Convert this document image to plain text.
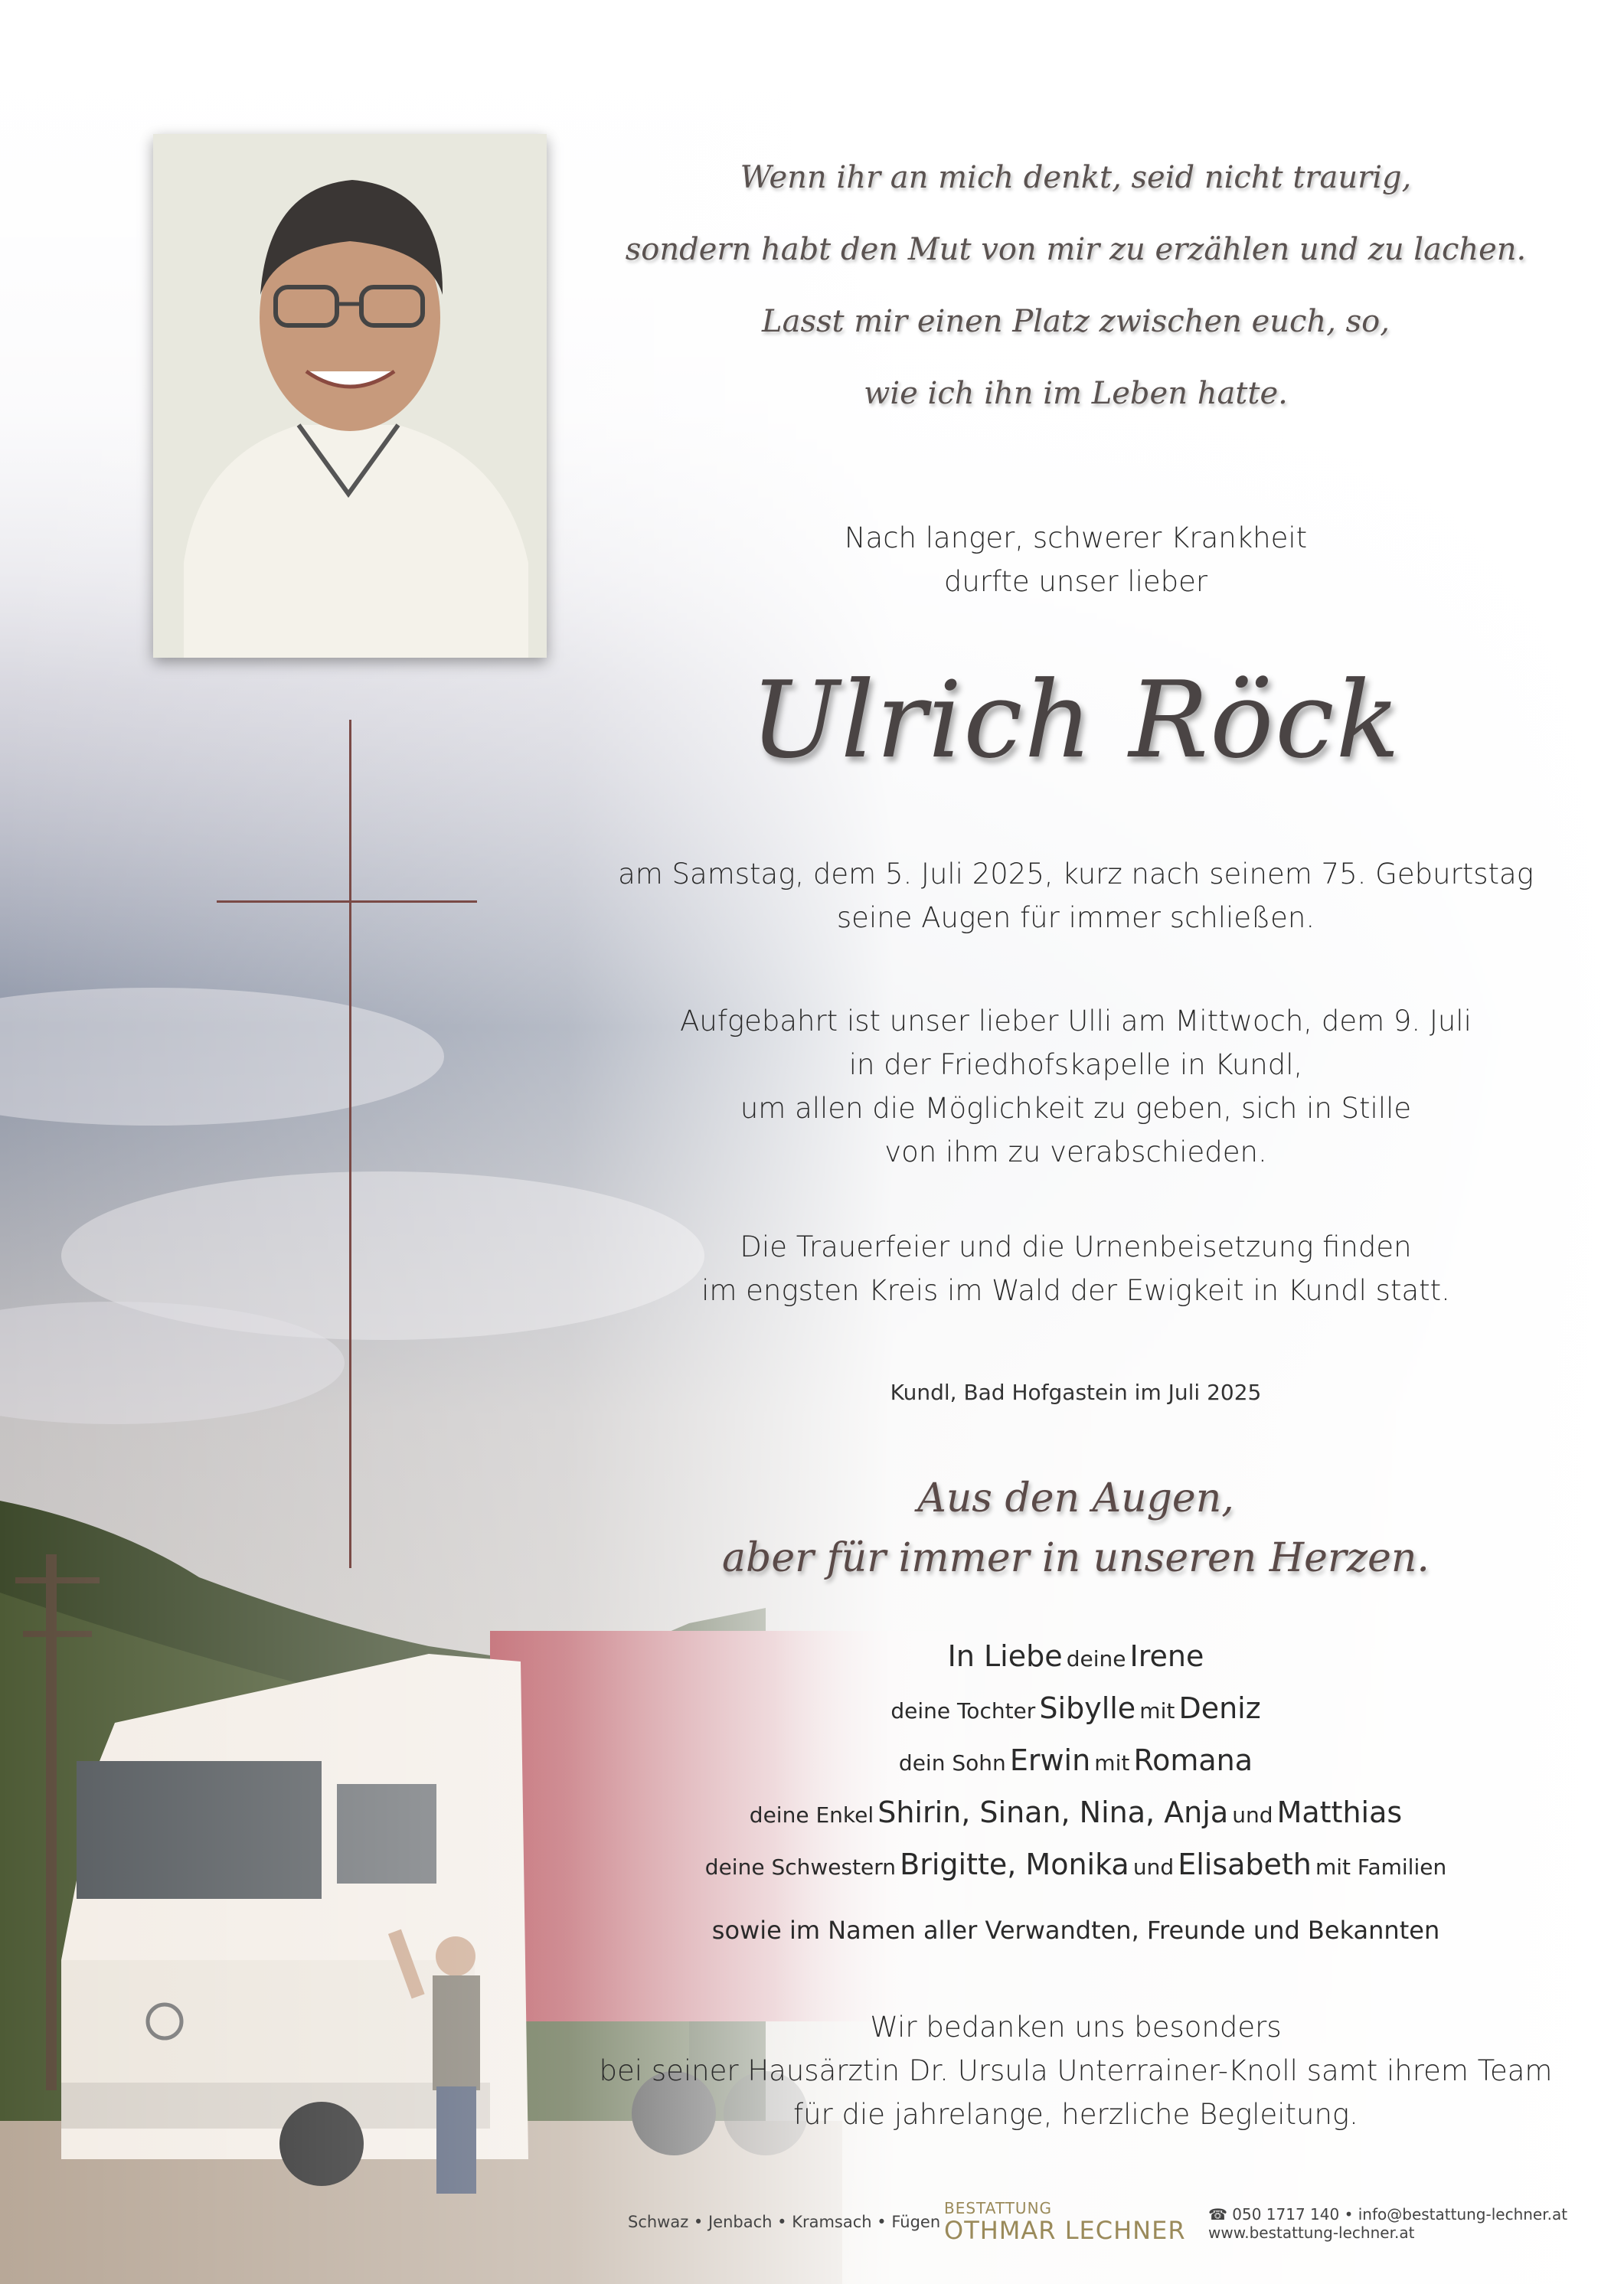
Wenn ihr an mich denkt, seid nicht traurig,

sondern habt den Mut von mir zu erzählen und zu lachen.

Lasst mir einen Platz zwischen euch, so,

wie ich ihn im Leben hatte.

Nach langer, schwerer Krankheit

durfte unser lieber

Ulrich Röck

am Samstag, dem 5. Juli 2025, kurz nach seinem 75. Geburtstag

seine Augen für immer schließen.

Aufgebahrt ist unser lieber Ulli am Mittwoch, dem 9. Juli

in der Friedhofskapelle in Kundl,

um allen die Möglichkeit zu geben, sich in Stille

von ihm zu verabschieden.

Die Trauerfeier und die Urnenbeisetzung finden

im engsten Kreis im Wald der Ewigkeit in Kundl statt.

Kundl, Bad Hofgastein im Juli 2025

Aus den Augen,

aber für immer in unseren Herzen.

In Liebe deine Irene

deine Tochter Sibylle mit Deniz

dein Sohn Erwin mit Romana

deine Enkel Shirin, Sinan, Nina, Anja und Matthias

deine Schwestern Brigitte, Monika und Elisabeth mit Familien

sowie im Namen aller Verwandten, Freunde und Bekannten

Wir bedanken uns besonders

bei seiner Hausärztin Dr. Ursula Unterrainer-Knoll samt ihrem Team

für die jahrelange, herzliche Begleitung.

Schwaz • Jenbach • Kramsach • Fügen
BESTATTUNG
OTHMAR LECHNER
☎ 050 1717 140 • info@bestattung-lechner.at
www.bestattung-lechner.at
